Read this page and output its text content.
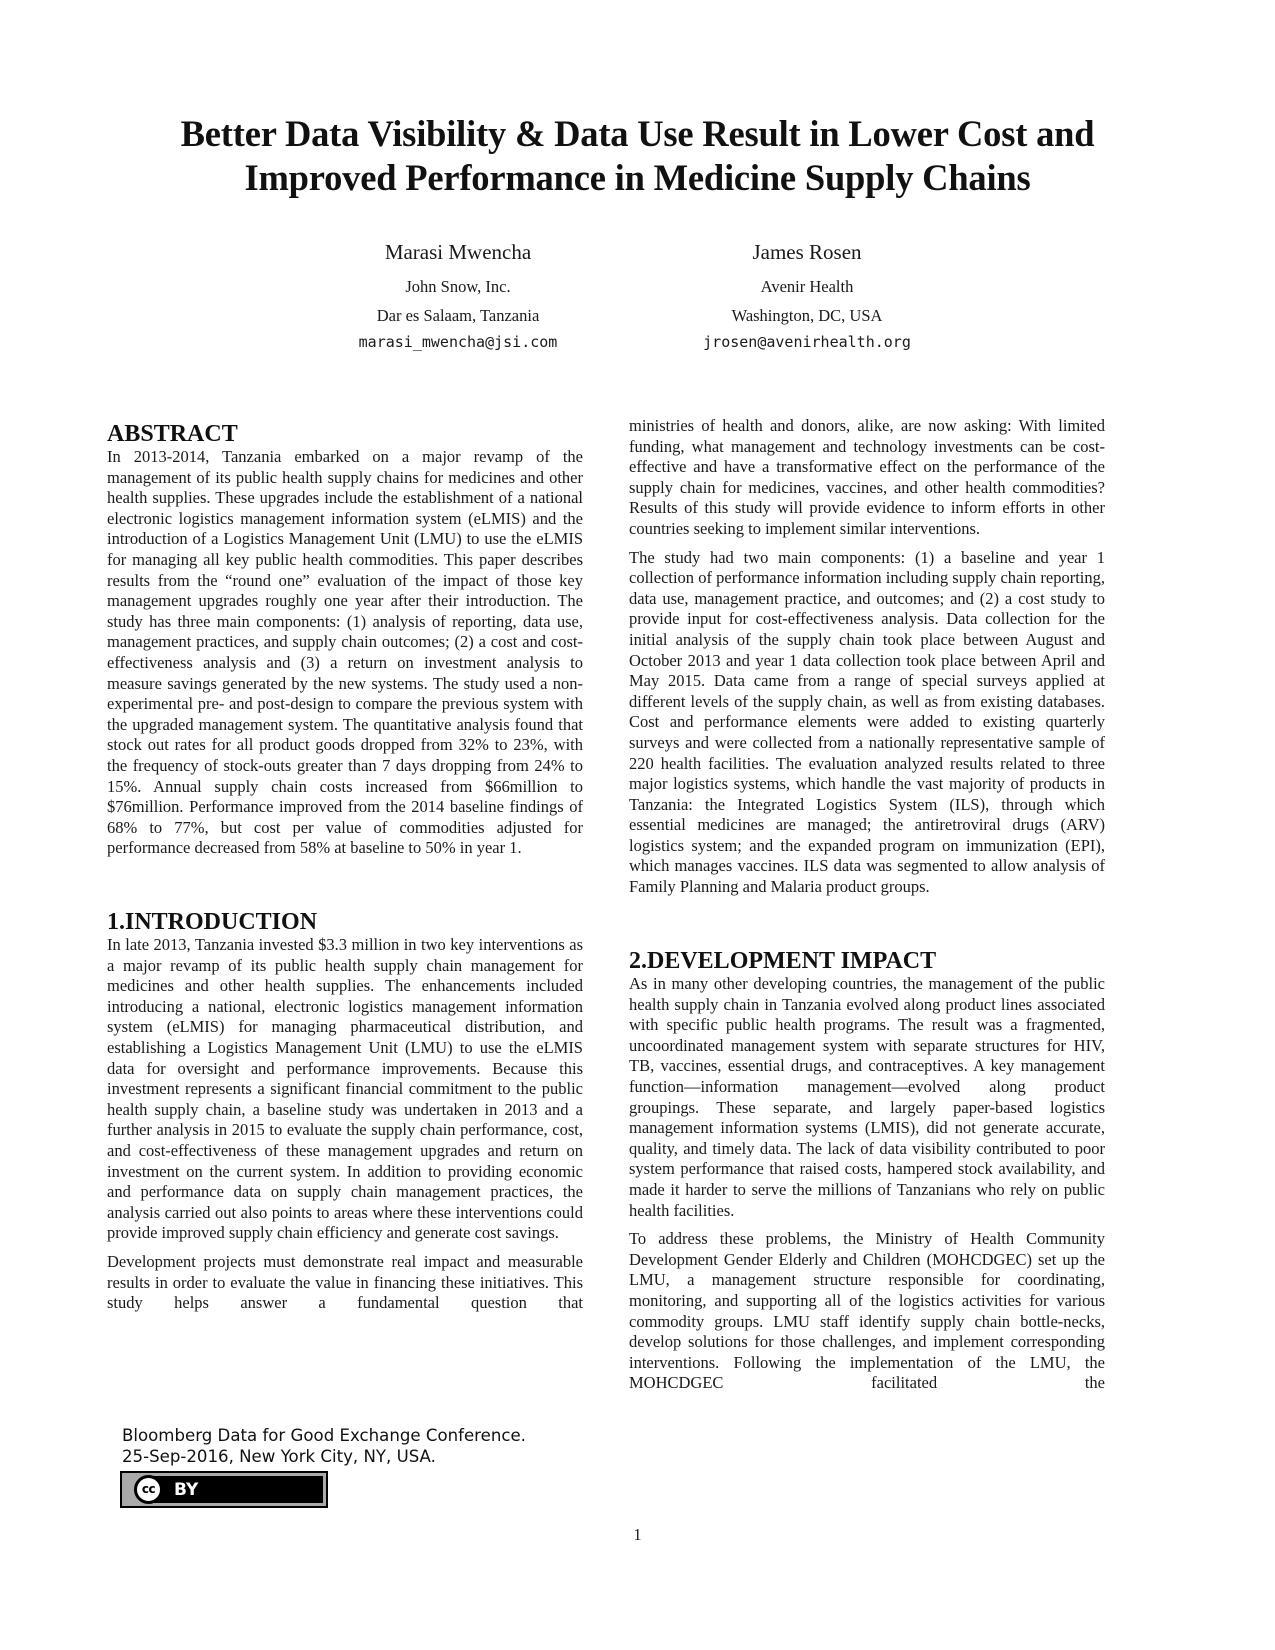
Better Data Visibility & Data Use Result in Lower Cost and
Improved Performance in Medicine Supply Chains
Marasi Mwencha
John Snow, Inc.
Dar es Salaam, Tanzania
marasi_mwencha@jsi.com
James Rosen
Avenir Health
Washington, DC, USA
jrosen@avenirhealth.org
ABSTRACT

In 2013-2014, Tanzania embarked on a major revamp of the management of its public health supply chains for medicines and other health supplies. These upgrades include the establishment of a national electronic logistics management information system (eLMIS) and the introduction of a Logistics Management Unit (LMU) to use the eLMIS for managing all key public health commodities. This paper describes results from the “round one” evaluation of the impact of those key management upgrades roughly one year after their introduction. The study has three main components: (1) analysis of reporting, data use, management practices, and supply chain outcomes; (2) a cost and cost-effectiveness analysis and (3) a return on investment analysis to measure savings generated by the new systems. The study used a non-experimental pre- and post-design to compare the previous system with the upgraded management system. The quantitative analysis found that stock out rates for all product goods dropped from 32% to 23%, with the frequency of stock-outs greater than 7 days dropping from 24% to 15%. Annual supply chain costs increased from $66million to $76million. Performance improved from the 2014 baseline findings of 68% to 77%, but cost per value of commodities adjusted for performance decreased from 58% at baseline to 50% in year 1.

1.INTRODUCTION

In late 2013, Tanzania invested $3.3 million in two key interventions as a major revamp of its public health supply chain management for medicines and other health supplies. The enhancements included introducing a national, electronic logistics management information system (eLMIS) for managing pharmaceutical distribution, and establishing a Logistics Management Unit (LMU) to use the eLMIS data for oversight and performance improvements. Because this investment represents a significant financial commitment to the public health supply chain, a baseline study was undertaken in 2013 and a further analysis in 2015 to evaluate the supply chain performance, cost, and cost-effectiveness of these management upgrades and return on investment on the current system. In addition to providing economic and performance data on supply chain management practices, the analysis carried out also points to areas where these interventions could provide improved supply chain efficiency and generate cost savings.

Development projects must demonstrate real impact and measurable results in order to evaluate the value in financing these initiatives. This study helps answer a fundamental question that

ministries of health and donors, alike, are now asking: With limited funding, what management and technology investments can be cost-effective and have a transformative effect on the performance of the supply chain for medicines, vaccines, and other health commodities? Results of this study will provide evidence to inform efforts in other countries seeking to implement similar interventions.

The study had two main components: (1) a baseline and year 1 collection of performance information including supply chain reporting, data use, management practice, and outcomes; and (2) a cost study to provide input for cost-effectiveness analysis. Data collection for the initial analysis of the supply chain took place between August and October 2013 and year 1 data collection took place between April and May 2015. Data came from a range of special surveys applied at different levels of the supply chain, as well as from existing databases. Cost and performance elements were added to existing quarterly surveys and were collected from a nationally representative sample of 220 health facilities. The evaluation analyzed results related to three major logistics systems, which handle the vast majority of products in Tanzania: the Integrated Logistics System (ILS), through which essential medicines are managed; the antiretroviral drugs (ARV) logistics system; and the expanded program on immunization (EPI), which manages vaccines. ILS data was segmented to allow analysis of Family Planning and Malaria product groups.

2.DEVELOPMENT IMPACT

As in many other developing countries, the management of the public health supply chain in Tanzania evolved along product lines associated with specific public health programs. The result was a fragmented, uncoordinated management system with separate structures for HIV, TB, vaccines, essential drugs, and contraceptives. A key management function—information management—evolved along product groupings. These separate, and largely paper-based logistics management information systems (LMIS), did not generate accurate, quality, and timely data. The lack of data visibility contributed to poor system performance that raised costs, hampered stock availability, and made it harder to serve the millions of Tanzanians who rely on public health facilities.

To address these problems, the Ministry of Health Community Development Gender Elderly and Children (MOHCDGEC) set up the LMU, a management structure responsible for coordinating, monitoring, and supporting all of the logistics activities for various commodity groups. LMU staff identify supply chain bottle-necks, develop solutions for those challenges, and implement corresponding interventions. Following the implementation of the LMU, the MOHCDGEC facilitated the

Bloomberg Data for Good Exchange Conference.
25-Sep-2016, New York City, NY, USA.
cc	BY
1
